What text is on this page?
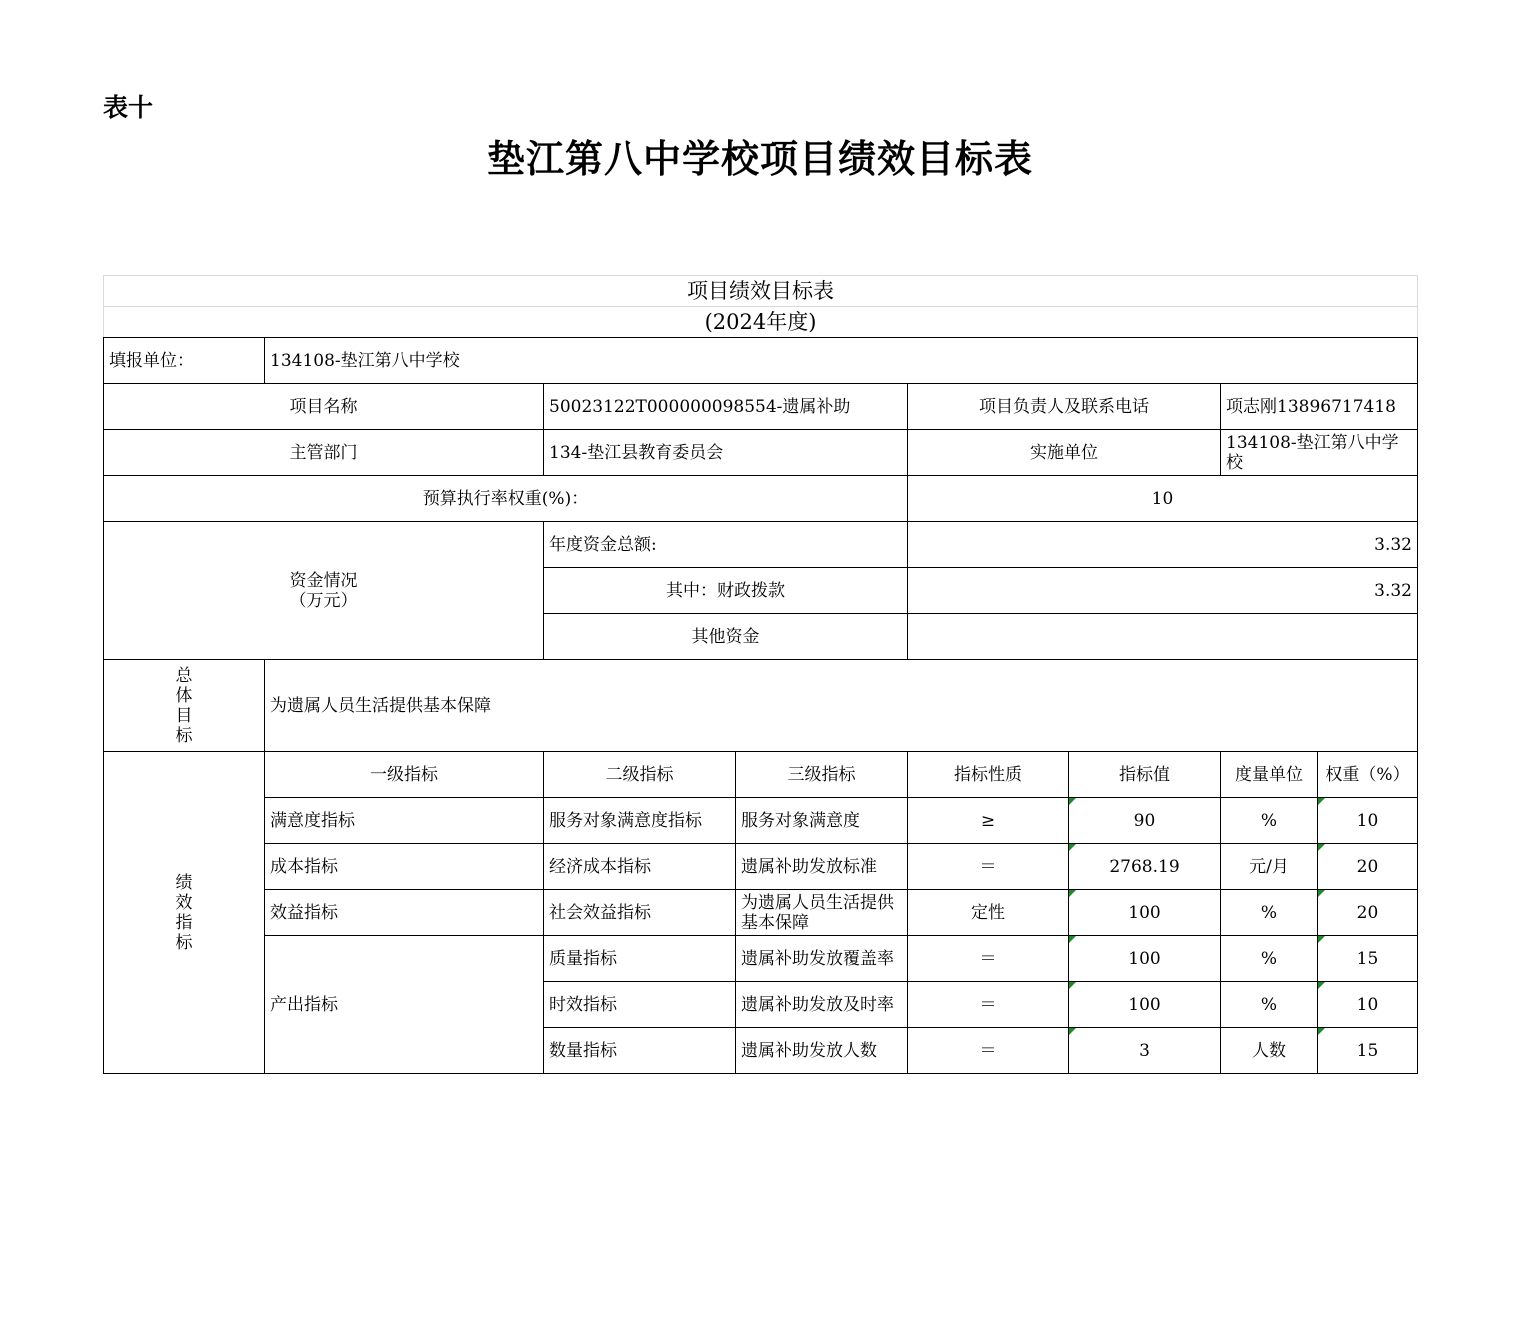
表十
垫江第八中学校项目绩效目标表
项目绩效目标表							
(2024年度)							
填报单位：	134108-垫江第八中学校						
项目名称		50023122T000000098554-遗属补助		项目负责人及联系电话		项志刚13896717418	
主管部门		134-垫江县教育委员会		实施单位		134108-垫江第八中学校	
预算执行率权重(%)：				10			

资金情况
（万元）		年度资金总额:		3.32			
		其中：财政拨款		3.32			
		其他资金					

总
体
目
标	为遗属人员生活提供基本保障						

绩
效
指
标	一级指标	二级指标	三级指标	指标性质	指标值	度量单位	权重（%）
	满意度指标	服务对象满意度指标	服务对象满意度	≥	90	%	10
	成本指标	经济成本指标	遗属补助发放标准	＝	2768.19	元/月	20
	效益指标	社会效益指标	为遗属人员生活提供基本保障	定性	100	%	20
	产出指标	质量指标	遗属补助发放覆盖率	＝	100	%	15
		时效指标	遗属补助发放及时率	＝	100	%	10
		数量指标	遗属补助发放人数	＝	3	人数	15
